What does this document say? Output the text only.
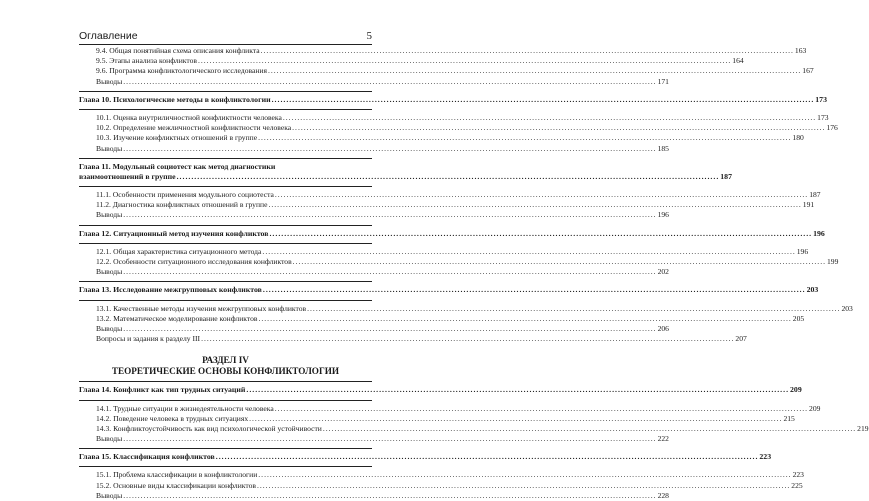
Оглавление	5
9.4. Общая понятийная схема описания конфликта .....	163
9.5. Этапы анализа конфликтов .....	164
9.6. Программа конфликтологического исследования .....	167
Выводы .....	171
Глава 10. Психологические методы в конфликтологии .....	173
10.1. Оценка внутриличностной конфликтности человека .....	173
10.2. Определение межличностной конфликтности человека .....	176
10.3. Изучение конфликтных отношений в группе .....	180
Выводы .....	185
Глава 11. Модульный социотест как метод диагностики
взаимоотношений в группе .....	187
11.1. Особенности применения модульного социотеста .....	187
11.2. Диагностика конфликтных отношений в группе .....	191
Выводы .....	196
Глава 12. Ситуационный метод изучения конфликтов .....	196
12.1. Общая характеристика ситуационного метода .....	196
12.2. Особенности ситуационного исследования конфликтов .....	199
Выводы .....	202
Глава 13. Исследование межгрупповых конфликтов .....	203
13.1. Качественные методы изучения межгрупповых конфликтов .....	203
13.2. Математическое моделирование конфликтов .....	205
Выводы .....	206
Вопросы и задания к разделу III .....	207
РАЗДЕЛ IV
ТЕОРЕТИЧЕСКИЕ ОСНОВЫ КОНФЛИКТОЛОГИИ
Глава 14. Конфликт как тип трудных ситуаций .....	209
14.1. Трудные ситуации в жизнедеятельности человека .....	209
14.2. Поведение человека в трудных ситуациях .....	215
14.3. Конфликтоустойчивость как вид психологической устойчивости .....	219
Выводы .....	222
Глава 15. Классификация конфликтов .....	223
15.1. Проблема классификации в конфликтологии .....	223
15.2. Основные виды классификации конфликтов .....	225
Выводы .....	228
